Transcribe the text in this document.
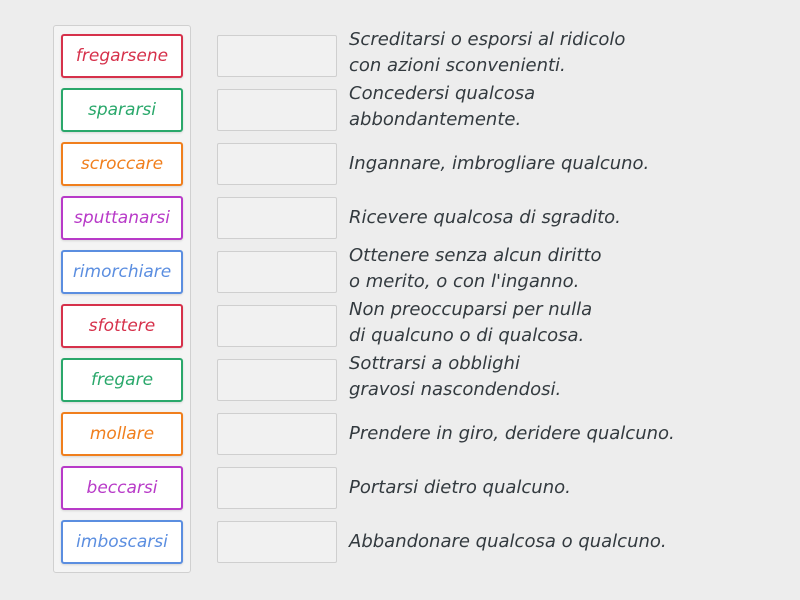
fregarsene
spararsi
scroccare
sputtanarsi
rimorchiare
sfottere
fregare
mollare
beccarsi
imboscarsi
Screditarsi o esporsi al ridicolo
con azioni sconvenienti.
Concedersi qualcosa
abbondantemente.
Ingannare, imbrogliare qualcuno.
Ricevere qualcosa di sgradito.
Ottenere senza alcun diritto
o merito, o con l'inganno.
Non preoccuparsi per nulla
di qualcuno o di qualcosa.
Sottrarsi a obblighi
gravosi nascondendosi.
Prendere in giro, deridere qualcuno.
Portarsi dietro qualcuno.
Abbandonare qualcosa o qualcuno.
